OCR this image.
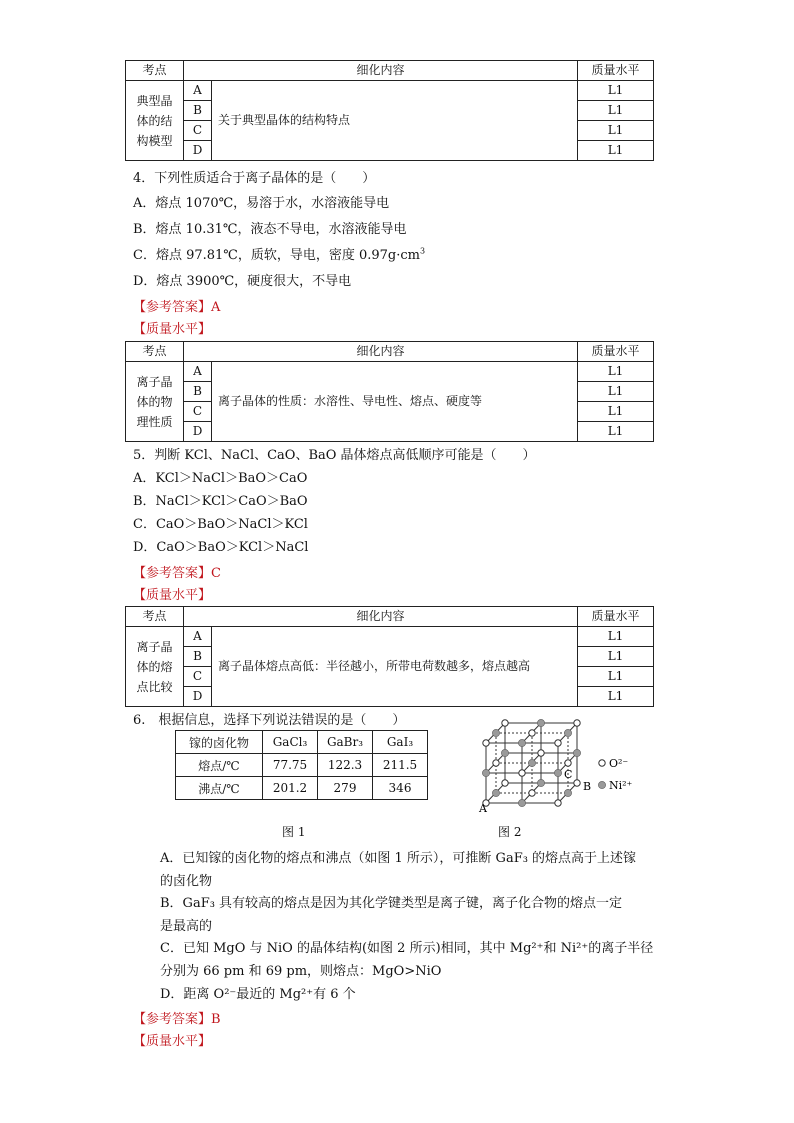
考点	细化内容		质量水平

典型晶
体的结
构模型	A	关于典型晶体的结构特点	L1
	B		L1
	C		L1
	D		L1
4．下列性质适合于离子晶体的是（　　）
A．熔点 1070℃，易溶于水，水溶液能导电
B．熔点 10.31℃，液态不导电，水溶液能导电
C．熔点 97.81℃，质软，导电，密度 $0.97g\cdot cm^3$
D．熔点 3900℃，硬度很大，不导电
【参考答案】A
【质量水平】
考点	细化内容		质量水平

离子晶
体的物
理性质	A	离子晶体的性质：水溶性、导电性、熔点、硬度等	L1
	B		L1
	C		L1
	D		L1
5．判断 KCl、NaCl、CaO、BaO 晶体熔点高低顺序可能是（　　）
A．KCl＞NaCl＞BaO＞CaO
B．NaCl＞KCl＞CaO＞BaO
C．CaO＞BaO＞NaCl＞KCl
D．CaO＞BaO＞KCl＞NaCl
【参考答案】C
【质量水平】
考点	细化内容		质量水平

离子晶
体的熔
点比较	A	离子晶体熔点高低：半径越小，所带电荷数越多，熔点越高	L1
	B		L1
	C		L1
	D		L1
6.　根据信息，选择下列说法错误的是（　　）
镓的卤化物	GaCl₃	GaBr₃	GaI₃
熔点/℃	77.75	122.3	211.5
沸点/℃	201.2	279	346
O²⁻
Ni²⁺
A
B
C
图 1	图 2
A．已知镓的卤化物的熔点和沸点（如图 1 所示），可推断 GaF₃ 的熔点高于上述镓
的卤化物
B．GaF₃ 具有较高的熔点是因为其化学键类型是离子键，离子化合物的熔点一定
是最高的
C．已知 MgO 与 NiO 的晶体结构(如图 2 所示)相同，其中 Mg²⁺和 Ni²⁺的离子半径
分别为 66 pm 和 69 pm，则熔点：MgO>NiO
D．距离 O²⁻最近的 Mg²⁺有 6 个
【参考答案】B
【质量水平】
